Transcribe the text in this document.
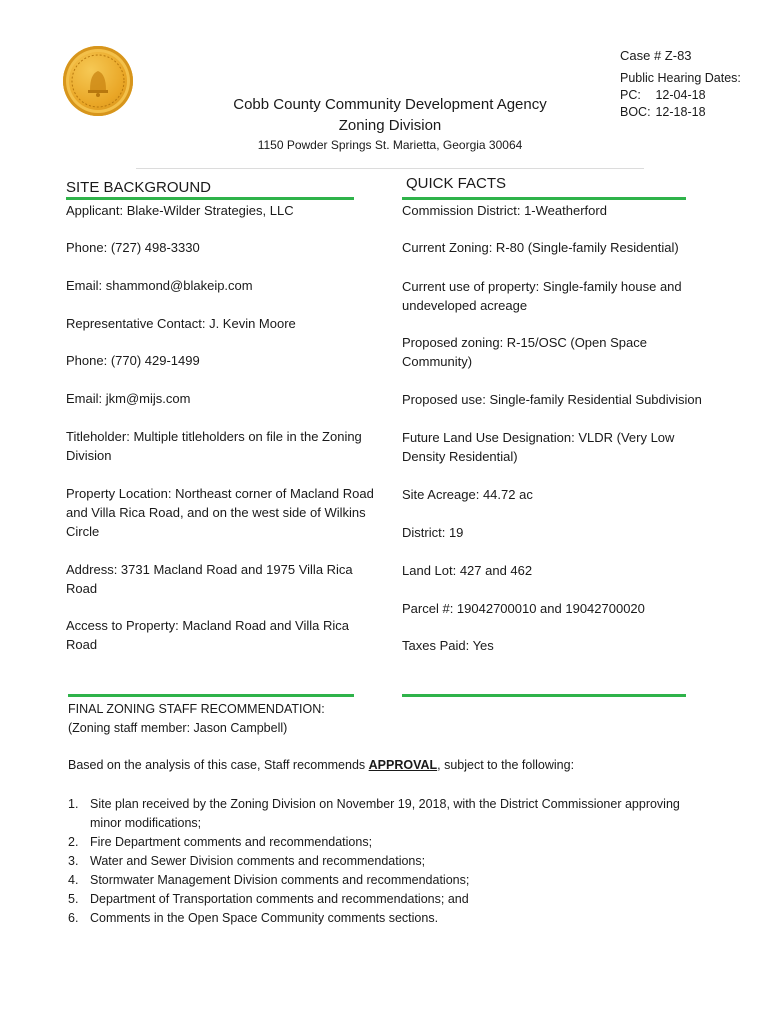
Cobb County Community Development Agency
Zoning Division
1150 Powder Springs St. Marietta, Georgia 30064
Case # Z-83
Public Hearing Dates:
PC: 12-04-18
BOC: 12-18-18
SITE BACKGROUND	QUICK FACTS
Applicant: Blake-Wilder Strategies, LLC
Phone: (727) 498-3330
Email: shammond@blakeip.com
Representative Contact: J. Kevin Moore
Phone: (770) 429-1499
Email: jkm@mijs.com
Titleholder: Multiple titleholders on file in the Zoning Division
Property Location: Northeast corner of Macland Road and Villa Rica Road, and on the west side of Wilkins Circle
Address: 3731 Macland Road and 1975 Villa Rica Road
Access to Property: Macland Road and Villa Rica Road
Commission District: 1-Weatherford
Current Zoning: R-80 (Single-family Residential)
Current use of property: Single-family house and undeveloped acreage
Proposed zoning: R-15/OSC (Open Space Community)
Proposed use: Single-family Residential Subdivision
Future Land Use Designation: VLDR (Very Low Density Residential)
Site Acreage: 44.72 ac
District: 19
Land Lot: 427 and 462
Parcel #: 19042700010 and 19042700020
Taxes Paid: Yes
FINAL ZONING STAFF RECOMMENDATION:
(Zoning staff member: Jason Campbell)
Based on the analysis of this case, Staff recommends APPROVAL, subject to the following:
1. Site plan received by the Zoning Division on November 19, 2018, with the District Commissioner approving minor modifications;
2. Fire Department comments and recommendations;
3. Water and Sewer Division comments and recommendations;
4. Stormwater Management Division comments and recommendations;
5. Department of Transportation comments and recommendations; and
6. Comments in the Open Space Community comments sections.
